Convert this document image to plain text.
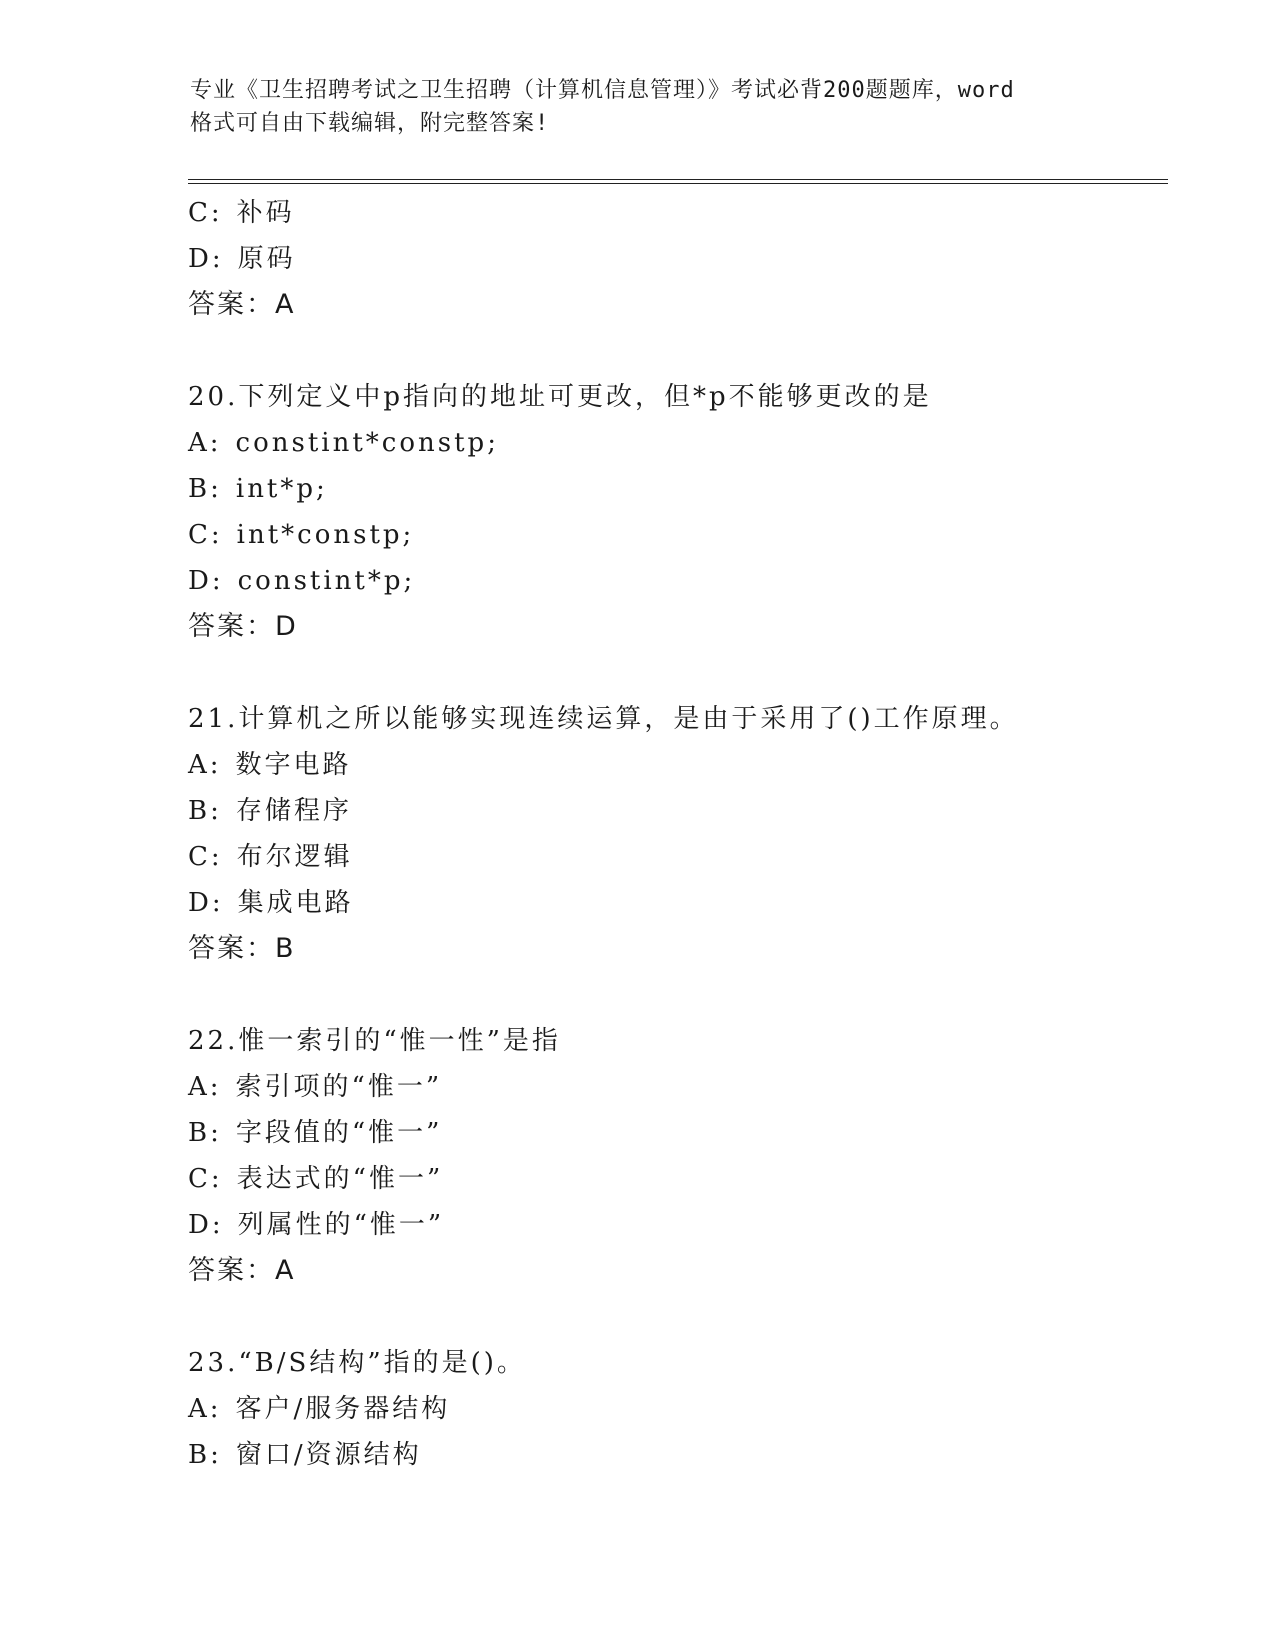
专业《卫生招聘考试之卫生招聘（计算机信息管理）》考试必背200题题库，word
格式可自由下载编辑，附完整答案!
C: 补码
D: 原码
答案：A
20.下列定义中p指向的地址可更改，但*p不能够更改的是
A: constint*constp;
B: int*p;
C: int*constp;
D: constint*p;
答案：D
21.计算机之所以能够实现连续运算，是由于采用了()工作原理。
A: 数字电路
B: 存储程序
C: 布尔逻辑
D: 集成电路
答案：B
22.惟一索引的“惟一性”是指
A: 索引项的“惟一”
B: 字段值的“惟一”
C: 表达式的“惟一”
D: 列属性的“惟一”
答案：A
23.“B/S结构”指的是()。
A: 客户/服务器结构
B: 窗口/资源结构
